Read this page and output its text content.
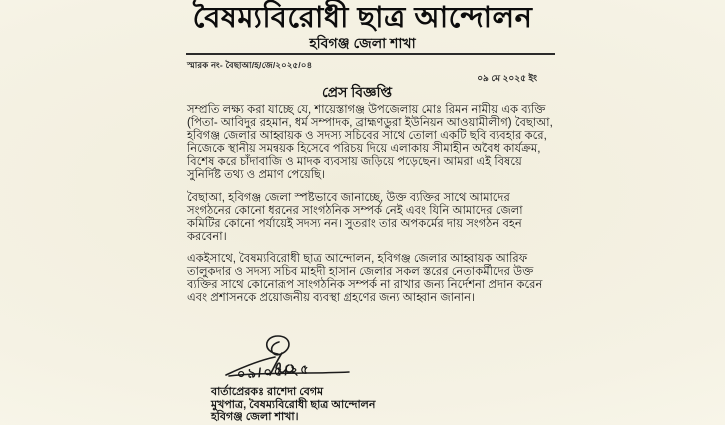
বৈষম্যবিরোধী ছাত্র আন্দোলন
হবিগঞ্জ জেলা শাখা
স্মারক নং- বৈছাআ/হ/জে/২০২৫/০৪
০৯ মে ২০২৫ ইং
প্রেস বিজ্ঞপ্তি

সম্প্রতি লক্ষ্য করা যাচ্ছে যে, শায়েস্তাগঞ্জ উপজেলায় মোঃ রিমন নামীয় এক ব্যক্তি (পিতা- আবিদুর রহমান, ধর্ম সম্পাদক, ব্রাহ্মণডুরা ইউনিয়ন আওয়ামীলীগ) বৈছাআ, হবিগঞ্জ জেলার আহ্বায়ক ও সদস্য সচিবের সাথে তোলা একটি ছবি ব্যবহার করে, নিজেকে স্থানীয় সমন্বয়ক হিসেবে পরিচয় দিয়ে এলাকায় সীমাহীন অবৈধ কার্যক্রম, বিশেষ করে চাঁদাবাজি ও মাদক ব্যবসায় জড়িয়ে পড়েছেন। আমরা এই বিষয়ে সুনির্দিষ্ট তথ্য ও প্রমাণ পেয়েছি।

বৈছাআ, হবিগঞ্জ জেলা স্পষ্টভাবে জানাচ্ছে, উক্ত ব্যক্তির সাথে আমাদের সংগঠনের কোনো ধরনের সাংগঠনিক সম্পর্ক নেই এবং যিনি আমাদের জেলা কমিটির কোনো পর্যায়েই সদস্য নন। সুতরাং তার অপকর্মের দায় সংগঠন বহন করবেনা।

একইসাথে, বৈষম্যবিরোধী ছাত্র আন্দোলন, হবিগঞ্জ জেলার আহ্বায়ক আরিফ তালুকদার ও সদস্য সচিব মাহদী হাসান জেলার সকল স্তরের নেতাকর্মীদের উক্ত ব্যক্তির সাথে কোনোরূপ সাংগঠনিক সম্পর্ক না রাখার জন্য নির্দেশনা প্রদান করেন এবং প্রশাসনকে প্রয়োজনীয় ব্যবস্থা গ্রহণের জন্য আহ্বান জানান।

০৯/০৫/২৫
বার্তাপ্রেরকঃ রাশেদা বেগম
মুখপাত্র, বৈষম্যবিরোধী ছাত্র আন্দোলন
হবিগঞ্জ জেলা শাখা।
